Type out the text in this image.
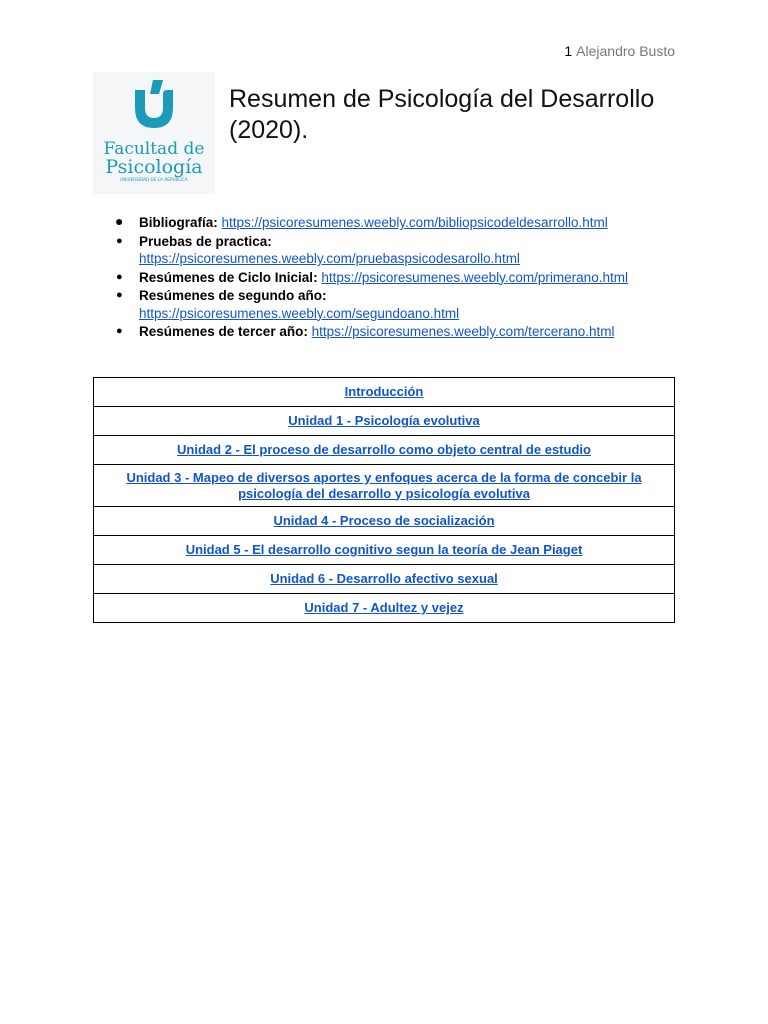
1 Alejandro Busto
Facultad de
Psicología
UNIVERSIDAD DE LA REPÚBLICA
Resumen de Psicología del Desarrollo (2020).
● Bibliografía: https://psicoresumenes.weebly.com/bibliopsicodeldesarrollo.html
● Pruebas de practica:
https://psicoresumenes.weebly.com/pruebaspsicodesarollo.html
● Resúmenes de Ciclo Inicial: https://psicoresumenes.weebly.com/primerano.html
● Resúmenes de segundo año:
https://psicoresumenes.weebly.com/segundoano.html
● Resúmenes de tercer año: https://psicoresumenes.weebly.com/tercerano.html
Introducción
Unidad 1 - Psicología evolutiva
Unidad 2 - El proceso de desarrollo como objeto central de estudio
Unidad 3 - Mapeo de diversos aportes y enfoques acerca de la forma de concebir la psicología del desarrollo y psicología evolutiva
Unidad 4 - Proceso de socialización
Unidad 5 - El desarrollo cognitivo segun la teoría de Jean Piaget
Unidad 6 - Desarrollo afectivo sexual
Unidad 7 - Adultez y vejez
